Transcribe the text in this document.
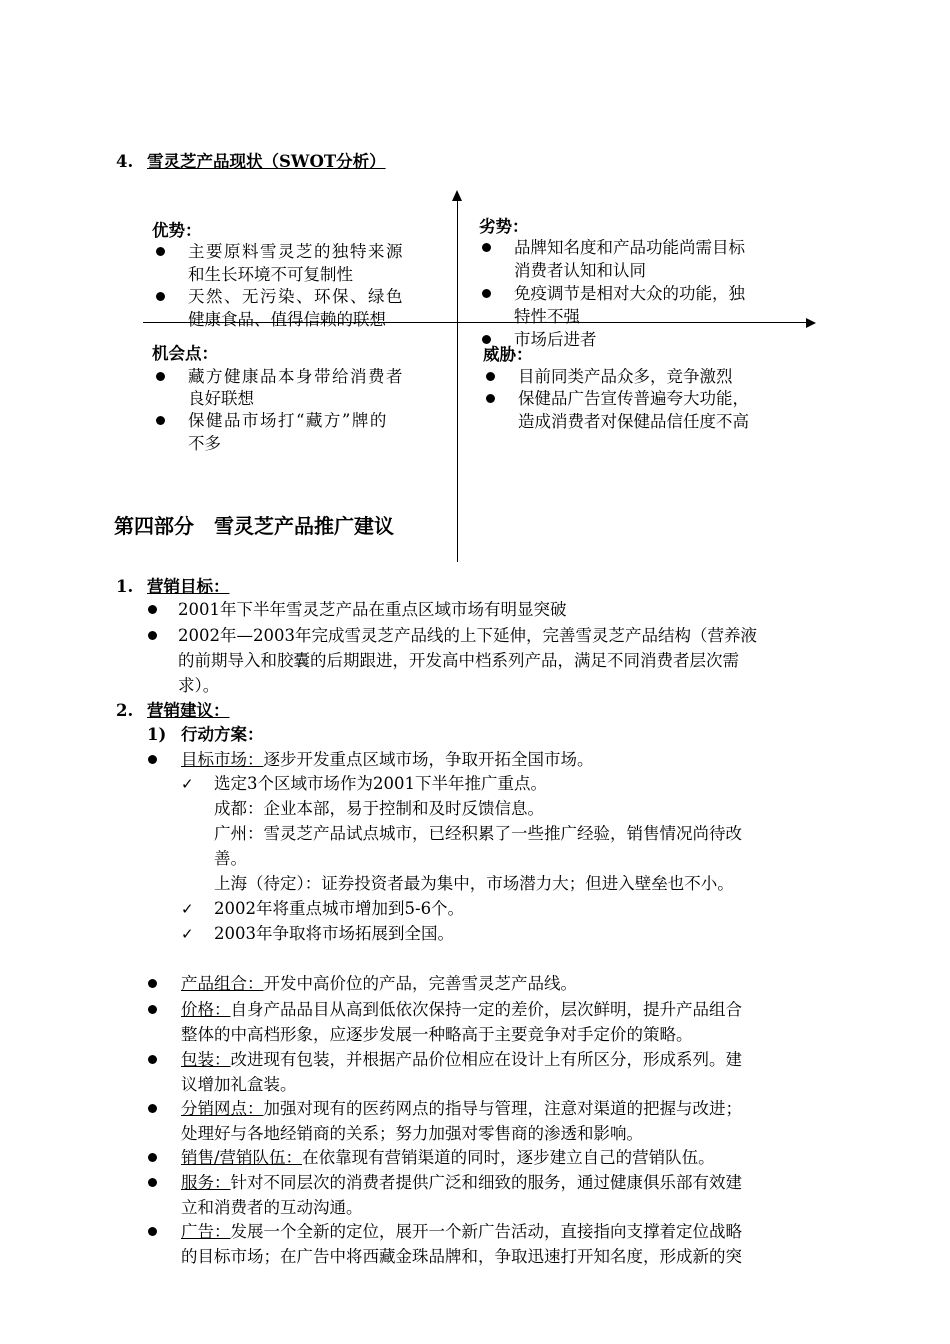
4. 雪灵芝产品现状（SWOT分析）
优势：
主要原料雪灵芝的独特来源
和生长环境不可复制性
天然、无污染、环保、绿色
健康食品、值得信赖的联想
劣势：
品牌知名度和产品功能尚需目标
消费者认知和认同
免疫调节是相对大众的功能，独
特性不强
市场后进者
机会点：
藏方健康品本身带给消费者
良好联想
保健品市场打“藏方”牌的
不多
威胁：
目前同类产品众多，竞争激烈
保健品广告宣传普遍夸大功能，
造成消费者对保健品信任度不高
第四部分　雪灵芝产品推广建议
1. 营销目标：
2001年下半年雪灵芝产品在重点区域市场有明显突破
2002年—2003年完成雪灵芝产品线的上下延伸，完善雪灵芝产品结构（营养液
的前期导入和胶囊的后期跟进，开发高中档系列产品，满足不同消费者层次需
求）。
2. 营销建议：
1) 行动方案：
目标市场：逐步开发重点区域市场，争取开拓全国市场。
✓ 选定3个区域市场作为2001下半年推广重点。
成都：企业本部，易于控制和及时反馈信息。
广州：雪灵芝产品试点城市，已经积累了一些推广经验，销售情况尚待改
善。
上海（待定）：证券投资者最为集中，市场潜力大；但进入壁垒也不小。
✓ 2002年将重点城市增加到5-6个。
✓ 2003年争取将市场拓展到全国。
产品组合：开发中高价位的产品，完善雪灵芝产品线。
价格：自身产品品目从高到低依次保持一定的差价，层次鲜明，提升产品组合
整体的中高档形象，应逐步发展一种略高于主要竞争对手定价的策略。
包装：改进现有包装，并根据产品价位相应在设计上有所区分，形成系列。建
议增加礼盒装。
分销网点：加强对现有的医药网点的指导与管理，注意对渠道的把握与改进；
处理好与各地经销商的关系；努力加强对零售商的渗透和影响。
销售/营销队伍：在依靠现有营销渠道的同时，逐步建立自己的营销队伍。
服务：针对不同层次的消费者提供广泛和细致的服务，通过健康俱乐部有效建
立和消费者的互动沟通。
广告：发展一个全新的定位，展开一个新广告活动，直接指向支撑着定位战略
的目标市场；在广告中将西藏金珠品牌和，争取迅速打开知名度，形成新的突
